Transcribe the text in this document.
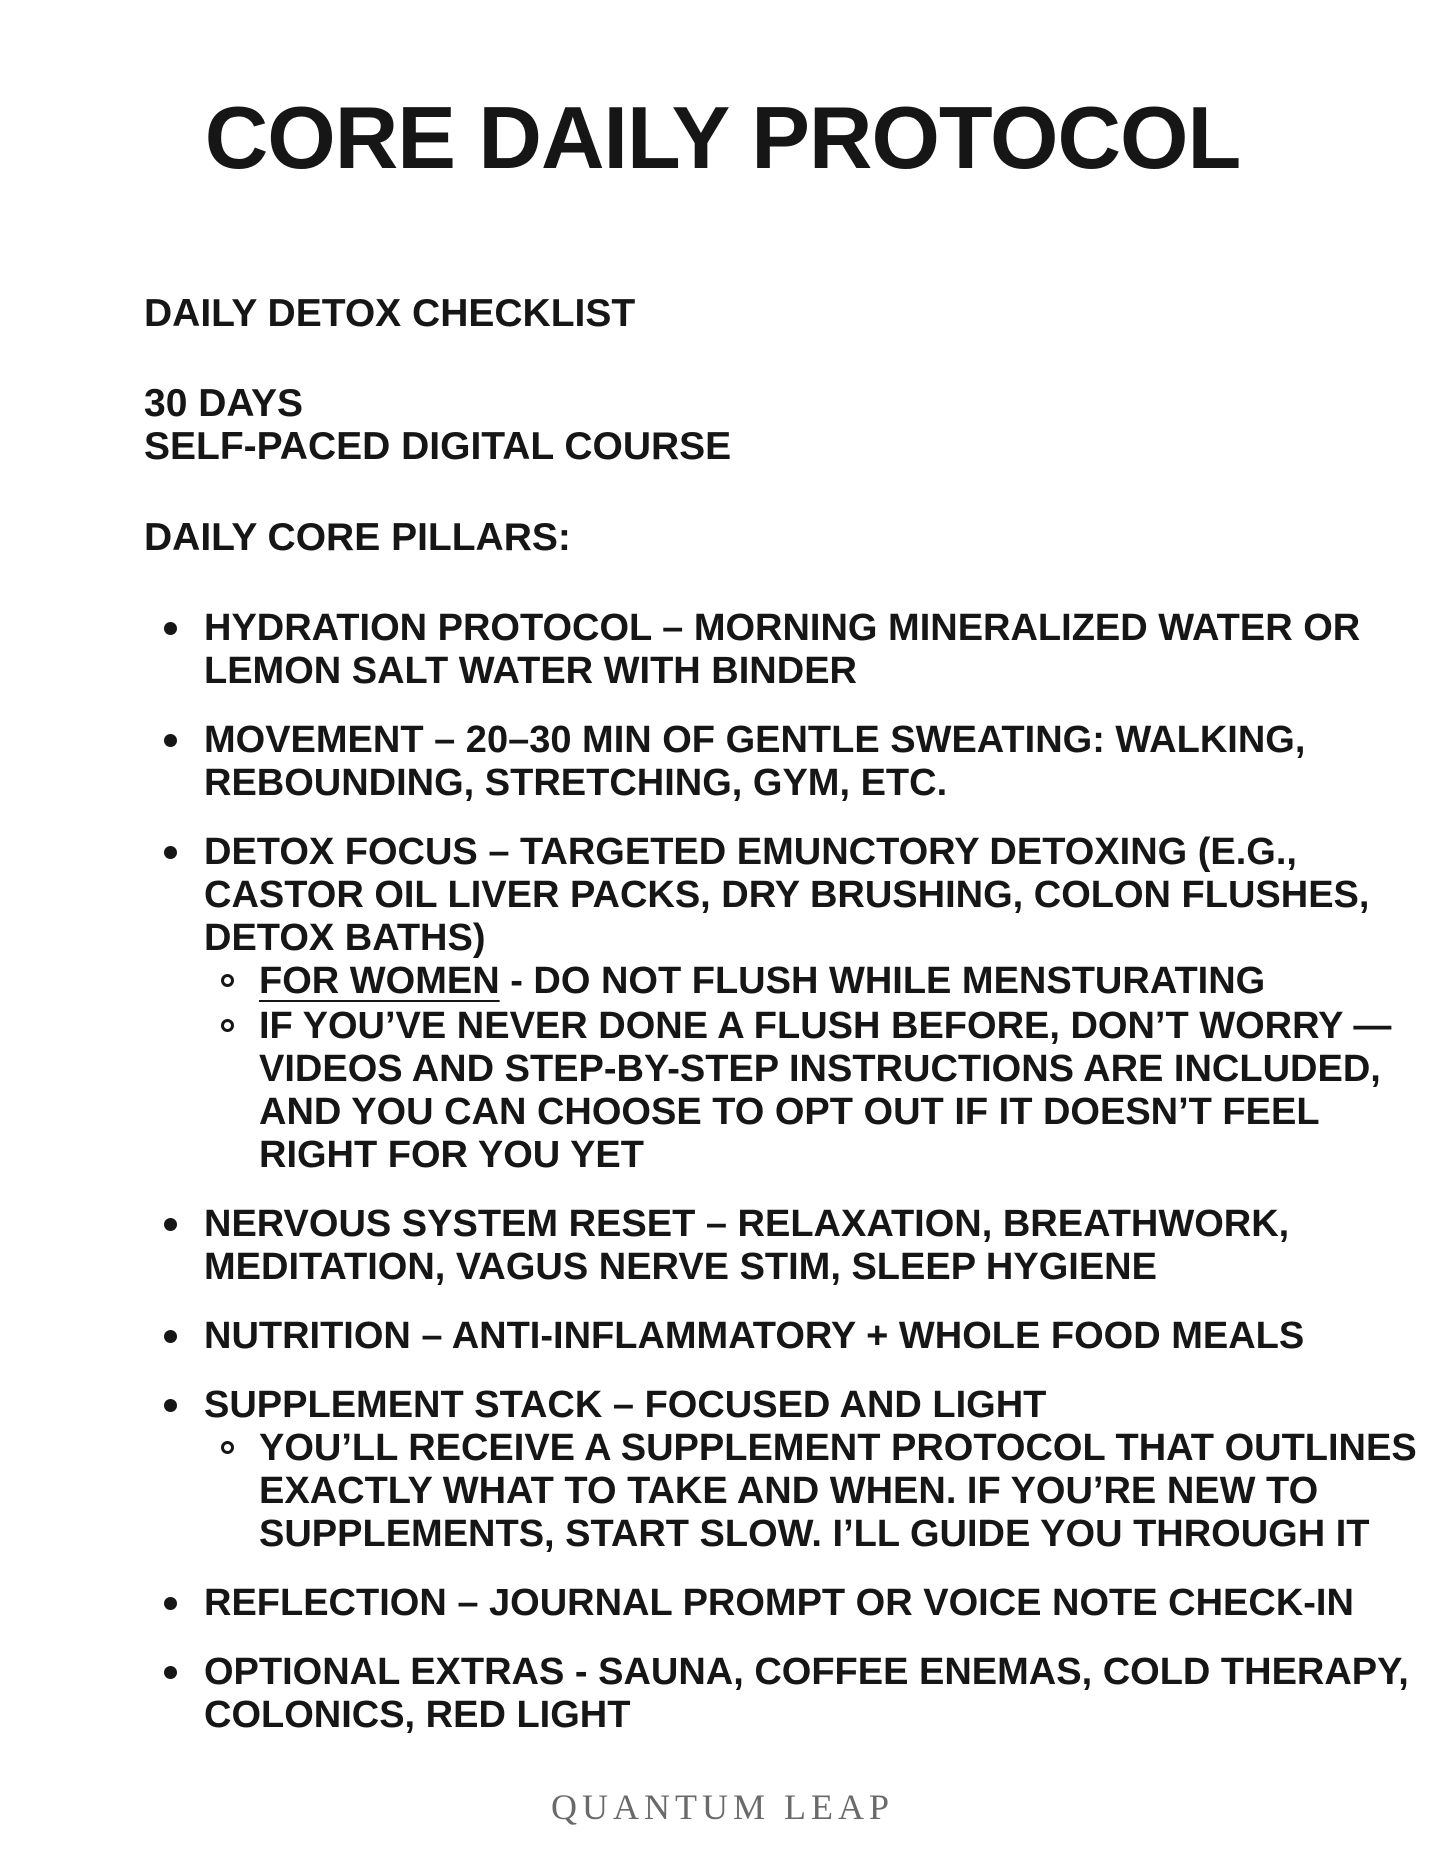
CORE DAILY PROTOCOL
DAILY DETOX CHECKLIST
30 DAYS
SELF-PACED DIGITAL COURSE
DAILY CORE PILLARS:
HYDRATION PROTOCOL – MORNING MINERALIZED WATER OR
LEMON SALT WATER WITH BINDER
MOVEMENT – 20–30 MIN OF GENTLE SWEATING: WALKING,
REBOUNDING, STRETCHING, GYM, ETC.
DETOX FOCUS – TARGETED EMUNCTORY DETOXING (E.G.,
CASTOR OIL LIVER PACKS, DRY BRUSHING, COLON FLUSHES,
DETOX BATHS)
FOR WOMEN - DO NOT FLUSH WHILE MENSTURATING
IF YOU’VE NEVER DONE A FLUSH BEFORE, DON’T WORRY —
VIDEOS AND STEP-BY-STEP INSTRUCTIONS ARE INCLUDED,
AND YOU CAN CHOOSE TO OPT OUT IF IT DOESN’T FEEL
RIGHT FOR YOU YET
NERVOUS SYSTEM RESET – RELAXATION, BREATHWORK,
MEDITATION, VAGUS NERVE STIM, SLEEP HYGIENE
NUTRITION – ANTI-INFLAMMATORY + WHOLE FOOD MEALS
SUPPLEMENT STACK – FOCUSED AND LIGHT
YOU’LL RECEIVE A SUPPLEMENT PROTOCOL THAT OUTLINES
EXACTLY WHAT TO TAKE AND WHEN. IF YOU’RE NEW TO
SUPPLEMENTS, START SLOW. I’LL GUIDE YOU THROUGH IT
REFLECTION – JOURNAL PROMPT OR VOICE NOTE CHECK-IN
OPTIONAL EXTRAS - SAUNA, COFFEE ENEMAS, COLD THERAPY,
COLONICS, RED LIGHT
QUANTUM LEAP
